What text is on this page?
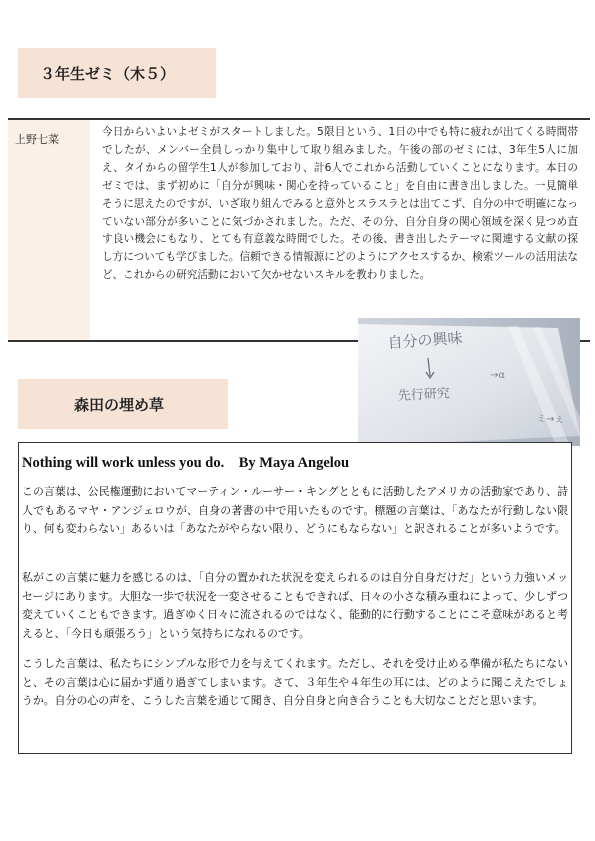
３年生ゼミ（木５）
上野七菜
今日からいよいよゼミがスタートしました。5限目という、1日の中でも特に疲れが出てくる時間帯でしたが、メンバー全員しっかり集中して取り組みました。午後の部のゼミには、3年生5人に加え、タイからの留学生1人が参加しており、計6人でこれから活動していくことになります。本日のゼミでは、まず初めに「自分が興味・関心を持っていること」を自由に書き出しました。一見簡単そうに思えたのですが、いざ取り組んでみると意外とスラスラとは出てこず、自分の中で明確になっていない部分が多いことに気づかされました。ただ、その分、自分自身の関心領域を深く見つめ直す良い機会にもなり、とても有意義な時間でした。その後、書き出したテーマに関連する文献の探し方についても学びました。信頼できる情報源にどのようにアクセスするか、検索ツールの活用法など、これからの研究活動において欠かせないスキルを教わりました。
自分の興味
先行研究
→α
ミ→ぇ
森田の埋め草
Nothing will work unless you do.    By Maya Angelou

この言葉は、公民権運動においてマーティン・ルーサー・キングとともに活動したアメリカの活動家であり、詩人でもあるマヤ・アンジェロウが、自身の著書の中で用いたものです。標題の言葉は、「あなたが行動しない限り、何も変わらない」あるいは「あなたがやらない限り、どうにもならない」と訳されることが多いようです。

私がこの言葉に魅力を感じるのは、「自分の置かれた状況を変えられるのは自分自身だけだ」という力強いメッセージにあります。大胆な一歩で状況を一変させることもできれば、日々の小さな積み重ねによって、少しずつ変えていくこともできます。過ぎゆく日々に流されるのではなく、能動的に行動することにこそ意味があると考えると、「今日も頑張ろう」という気持ちになれるのです。

こうした言葉は、私たちにシンプルな形で力を与えてくれます。ただし、それを受け止める準備が私たちにないと、その言葉は心に届かず通り過ぎてしまいます。さて、３年生や４年生の耳には、どのように聞こえたでしょうか。自分の心の声を、こうした言葉を通じて聞き、自分自身と向き合うことも大切なことだと思います。
